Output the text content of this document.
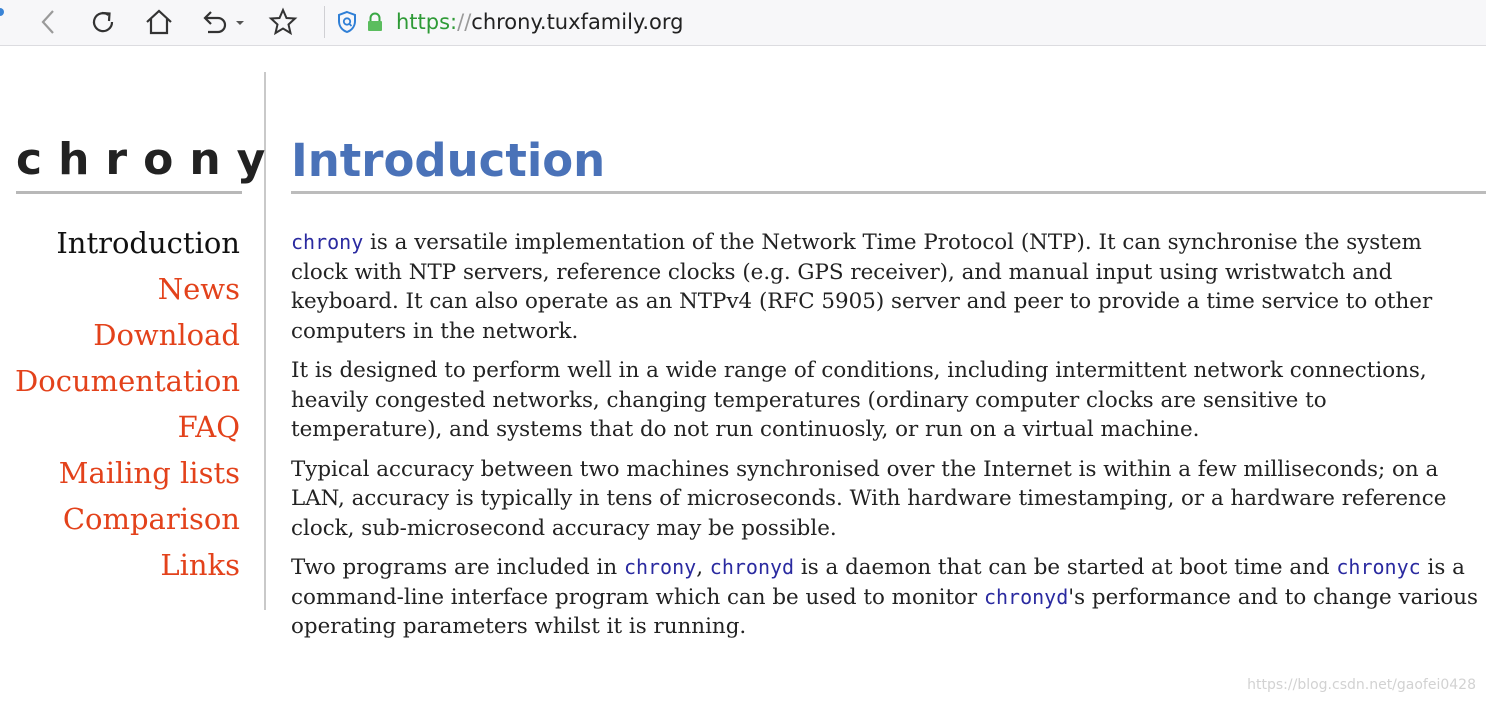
https://chrony.tuxfamily.org
chrony
Introduction
News
Download
Documentation
FAQ
Mailing lists
Comparison
Links
Introduction

chrony is a versatile implementation of the Network Time Protocol (NTP). It can synchronise the system clock with NTP servers, reference clocks (e.g. GPS receiver), and manual input using wristwatch and keyboard. It can also operate as an NTPv4 (RFC 5905) server and peer to provide a time service to other computers in the network.

It is designed to perform well in a wide range of conditions, including intermittent network connections, heavily congested networks, changing temperatures (ordinary computer clocks are sensitive to temperature), and systems that do not run continuosly, or run on a virtual machine.

Typical accuracy between two machines synchronised over the Internet is within a few milliseconds; on a LAN, accuracy is typically in tens of microseconds. With hardware timestamping, or a hardware reference clock, sub-microsecond accuracy may be possible.

Two programs are included in chrony, chronyd is a daemon that can be started at boot time and chronyc is a command-line interface program which can be used to monitor chronyd's performance and to change various operating parameters whilst it is running.

https://blog.csdn.net/gaofei0428
